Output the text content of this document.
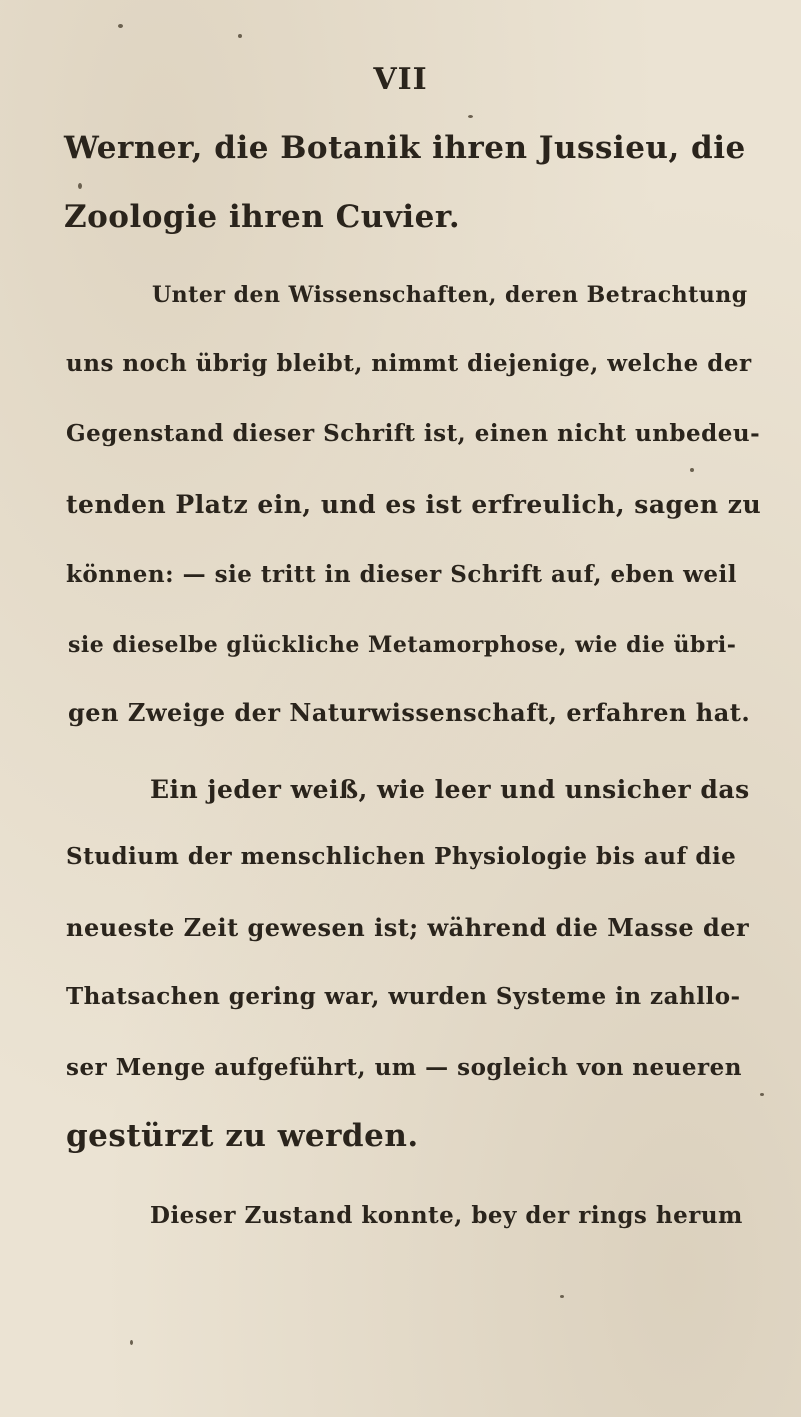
VII
Werner, die Botanik ihren Jussieu, die
Zoologie ihren Cuvier.
Unter den Wissenschaften, deren Betrachtung
uns noch übrig bleibt, nimmt diejenige, welche der
Gegenstand dieser Schrift ist, einen nicht unbedeu-
tenden Platz ein, und es ist erfreulich, sagen zu
können: — sie tritt in dieser Schrift auf, eben weil
sie dieselbe glückliche Metamorphose, wie die übri-
gen Zweige der Naturwissenschaft, erfahren hat.
Ein jeder weiß, wie leer und unsicher das
Studium der menschlichen Physiologie bis auf die
neueste Zeit gewesen ist; während die Masse der
Thatsachen gering war, wurden Systeme in zahllo-
ser Menge aufgeführt, um — sogleich von neueren
gestürzt zu werden.
Dieser Zustand konnte, bey der rings herum
